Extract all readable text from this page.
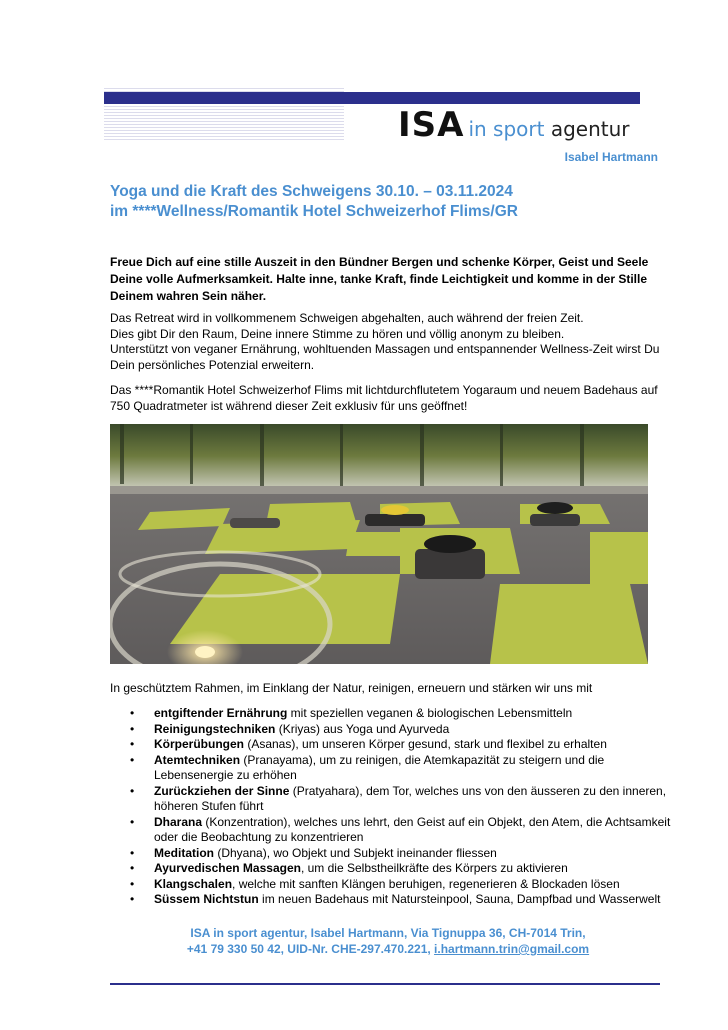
ISA in sport agentur
Isabel Hartmann
Yoga und die Kraft des Schweigens 30.10. – 03.11.2024
im ****Wellness/Romantik Hotel Schweizerhof Flims/GR
Freue Dich auf eine stille Auszeit in den Bündner Bergen und schenke Körper, Geist und Seele Deine volle Aufmerksamkeit. Halte inne, tanke Kraft, finde Leichtigkeit und komme in der Stille Deinem wahren Sein näher.
Das Retreat wird in vollkommenem Schweigen abgehalten, auch während der freien Zeit.
Dies gibt Dir den Raum, Deine innere Stimme zu hören und völlig anonym zu bleiben.
Unterstützt von veganer Ernährung, wohltuenden Massagen und entspannender Wellness-Zeit wirst Du Dein persönliches Potenzial erweitern.
Das ****Romantik Hotel Schweizerhof Flims mit lichtdurchflutetem Yogaraum und neuem Badehaus auf 750 Quadratmeter ist während dieser Zeit exklusiv für uns geöffnet!
In geschütztem Rahmen, im Einklang der Natur, reinigen, erneuern und stärken wir uns mit
• entgiftender Ernährung mit speziellen veganen & biologischen Lebensmitteln
• Reinigungstechniken (Kriyas) aus Yoga und Ayurveda
• Körperübungen (Asanas), um unseren Körper gesund, stark und flexibel zu erhalten
• Atemtechniken (Pranayama), um zu reinigen, die Atemkapazität zu steigern und die Lebensenergie zu erhöhen
• Zurückziehen der Sinne (Pratyahara), dem Tor, welches uns von den äusseren zu den inneren, höheren Stufen führt
• Dharana (Konzentration), welches uns lehrt, den Geist auf ein Objekt, den Atem, die Achtsamkeit oder die Beobachtung zu konzentrieren
• Meditation (Dhyana), wo Objekt und Subjekt ineinander fliessen
• Ayurvedischen Massagen, um die Selbstheilkräfte des Körpers zu aktivieren
• Klangschalen, welche mit sanften Klängen beruhigen, regenerieren & Blockaden lösen
• Süssem Nichtstun im neuen Badehaus mit Natursteinpool, Sauna, Dampfbad und Wasserwelt
ISA in sport agentur, Isabel Hartmann, Via Tignuppa 36, CH-7014 Trin,
+41 79 330 50 42, UID-Nr. CHE-297.470.221, i.hartmann.trin@gmail.com
